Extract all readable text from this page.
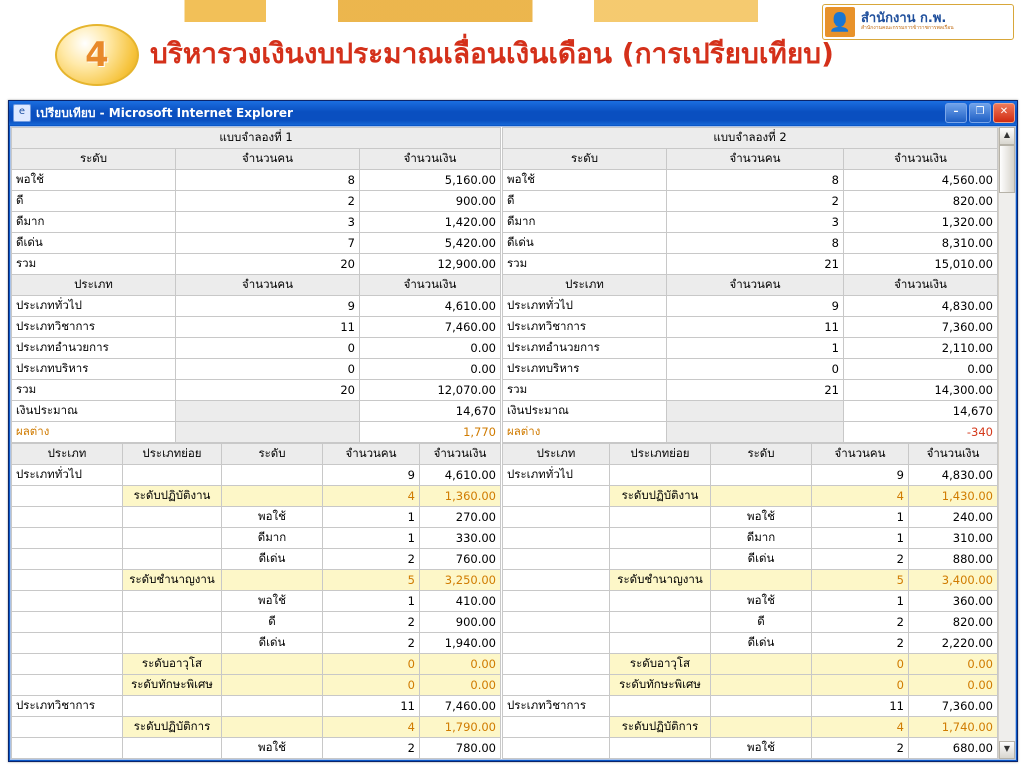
👤 สำนักงาน ก.พ.
สำนักงานคณะกรรมการข้าราชการพลเรือน
4	บริหารวงเงินงบประมาณเลื่อนเงินเดือน (การเปรียบเทียบ)
e เปรียบเทียบ - Microsoft Internet Explorer	–	❐	✕
แบบจำลองที่ 1		
ระดับ	จำนวนคน	จำนวนเงิน
พอใช้	8	5,160.00
ดี	2	900.00
ดีมาก	3	1,420.00
ดีเด่น	7	5,420.00
รวม	20	12,900.00
ประเภท	จำนวนคน	จำนวนเงิน
ประเภททั่วไป	9	4,610.00
ประเภทวิชาการ	11	7,460.00
ประเภทอำนวยการ	0	0.00
ประเภทบริหาร	0	0.00
รวม	20	12,070.00
เงินประมาณ		14,670
ผลต่าง		1,770
ประเภท	ประเภทย่อย	ระดับ	จำนวนคน	จำนวนเงิน
ประเภททั่วไป			9	4,610.00
	ระดับปฏิบัติงาน		4	1,360.00
		พอใช้	1	270.00
		ดีมาก	1	330.00
		ดีเด่น	2	760.00
	ระดับชำนาญงาน		5	3,250.00
		พอใช้	1	410.00
		ดี	2	900.00
		ดีเด่น	2	1,940.00
	ระดับอาวุโส		0	0.00
	ระดับทักษะพิเศษ		0	0.00
ประเภทวิชาการ			11	7,460.00
	ระดับปฏิบัติการ		4	1,790.00
		พอใช้	2	780.00
แบบจำลองที่ 2		
ระดับ	จำนวนคน	จำนวนเงิน
พอใช้	8	4,560.00
ดี	2	820.00
ดีมาก	3	1,320.00
ดีเด่น	8	8,310.00
รวม	21	15,010.00
ประเภท	จำนวนคน	จำนวนเงิน
ประเภททั่วไป	9	4,830.00
ประเภทวิชาการ	11	7,360.00
ประเภทอำนวยการ	1	2,110.00
ประเภทบริหาร	0	0.00
รวม	21	14,300.00
เงินประมาณ		14,670
ผลต่าง		-340
ประเภท	ประเภทย่อย	ระดับ	จำนวนคน	จำนวนเงิน
ประเภททั่วไป			9	4,830.00
	ระดับปฏิบัติงาน		4	1,430.00
		พอใช้	1	240.00
		ดีมาก	1	310.00
		ดีเด่น	2	880.00
	ระดับชำนาญงาน		5	3,400.00
		พอใช้	1	360.00
		ดี	2	820.00
		ดีเด่น	2	2,220.00
	ระดับอาวุโส		0	0.00
	ระดับทักษะพิเศษ		0	0.00
ประเภทวิชาการ			11	7,360.00
	ระดับปฏิบัติการ		4	1,740.00
		พอใช้	2	680.00
▲
▼
